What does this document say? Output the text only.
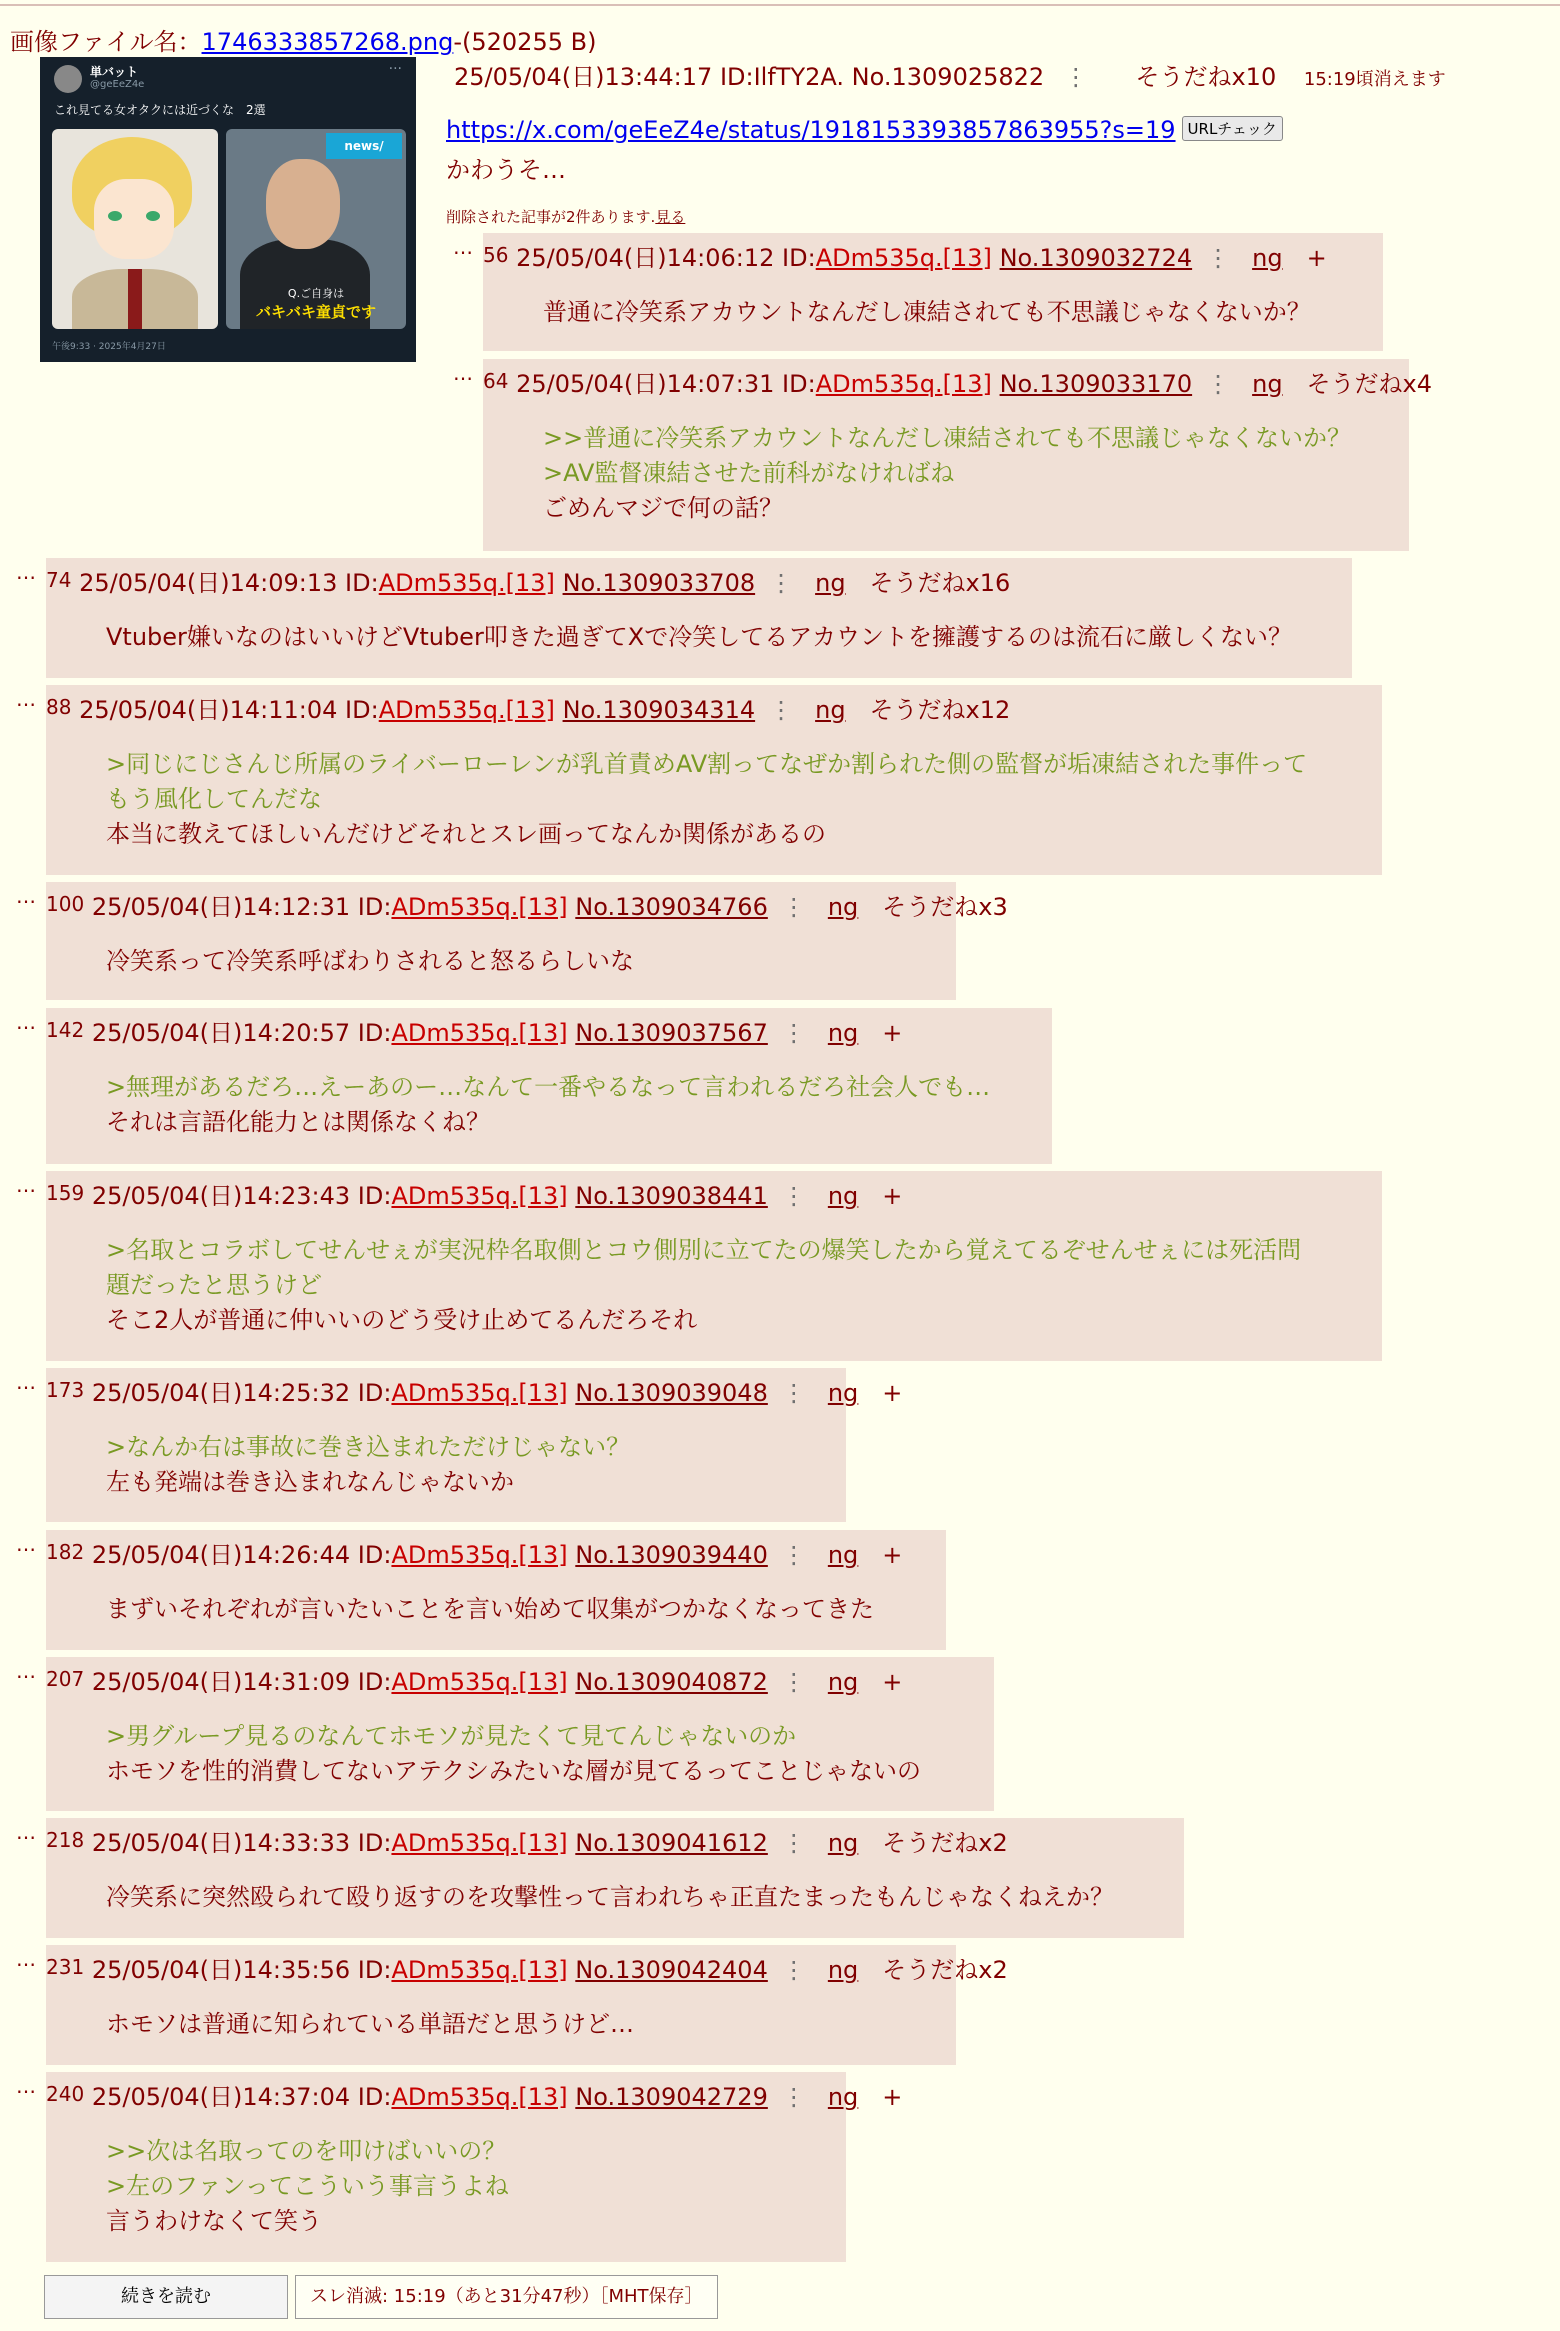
画像ファイル名：1746333857268.png-(520255 B)
単バット
@geEeZ4e
···
これ見てる女オタクには近づくな　2選
news/
Q.ご自身は
バキバキ童貞です
午後9:33 · 2025年4月27日
25/05/04(日)13:44:17 ID:IlfTY2A. No.1309025822 ⋮ そうだねx10 15:19頃消えます
https://x.com/geEeZ4e/status/1918153393857863955?s=19 URLチェック
かわうそ…
削除された記事が2件あります.見る
… 56 25/05/04(日)14:06:12 ID:ADm535q.[13] No.1309032724 ⋮ ng +
普通に冷笑系アカウントなんだし凍結されても不思議じゃなくないか？
… 64 25/05/04(日)14:07:31 ID:ADm535q.[13] No.1309033170 ⋮ ng そうだねx4
>>普通に冷笑系アカウントなんだし凍結されても不思議じゃなくないか？
>AV監督凍結させた前科がなければね
ごめんマジで何の話？
… 74 25/05/04(日)14:09:13 ID:ADm535q.[13] No.1309033708 ⋮ ng そうだねx16
Vtuber嫌いなのはいいけどVtuber叩きた過ぎてXで冷笑してるアカウントを擁護するのは流石に厳しくない？
… 88 25/05/04(日)14:11:04 ID:ADm535q.[13] No.1309034314 ⋮ ng そうだねx12
>同じにじさんじ所属のライバーローレンが乳首責めAV割ってなぜか割られた側の監督が垢凍結された事件って
もう風化してんだな
本当に教えてほしいんだけどそれとスレ画ってなんか関係があるの
… 100 25/05/04(日)14:12:31 ID:ADm535q.[13] No.1309034766 ⋮ ng そうだねx3
冷笑系って冷笑系呼ばわりされると怒るらしいな
… 142 25/05/04(日)14:20:57 ID:ADm535q.[13] No.1309037567 ⋮ ng +
>無理があるだろ…えーあのー…なんて一番やるなって言われるだろ社会人でも…
それは言語化能力とは関係なくね？
… 159 25/05/04(日)14:23:43 ID:ADm535q.[13] No.1309038441 ⋮ ng +
>名取とコラボしてせんせぇが実況枠名取側とコウ側別に立てたの爆笑したから覚えてるぞせんせぇには死活問
題だったと思うけど
そこ2人が普通に仲いいのどう受け止めてるんだろそれ
… 173 25/05/04(日)14:25:32 ID:ADm535q.[13] No.1309039048 ⋮ ng +
>なんか右は事故に巻き込まれただけじゃない？
左も発端は巻き込まれなんじゃないか
… 182 25/05/04(日)14:26:44 ID:ADm535q.[13] No.1309039440 ⋮ ng +
まずいそれぞれが言いたいことを言い始めて収集がつかなくなってきた
… 207 25/05/04(日)14:31:09 ID:ADm535q.[13] No.1309040872 ⋮ ng +
>男グループ見るのなんてホモソが見たくて見てんじゃないのか
ホモソを性的消費してないアテクシみたいな層が見てるってことじゃないの
… 218 25/05/04(日)14:33:33 ID:ADm535q.[13] No.1309041612 ⋮ ng そうだねx2
冷笑系に突然殴られて殴り返すのを攻撃性って言われちゃ正直たまったもんじゃなくねえか？
… 231 25/05/04(日)14:35:56 ID:ADm535q.[13] No.1309042404 ⋮ ng そうだねx2
ホモソは普通に知られている単語だと思うけど…
… 240 25/05/04(日)14:37:04 ID:ADm535q.[13] No.1309042729 ⋮ ng +
>>次は名取ってのを叩けばいいの？
>左のファンってこういう事言うよね
言うわけなくて笑う
続きを読む	スレ消滅: 15:19（あと31分47秒）［MHT保存］
